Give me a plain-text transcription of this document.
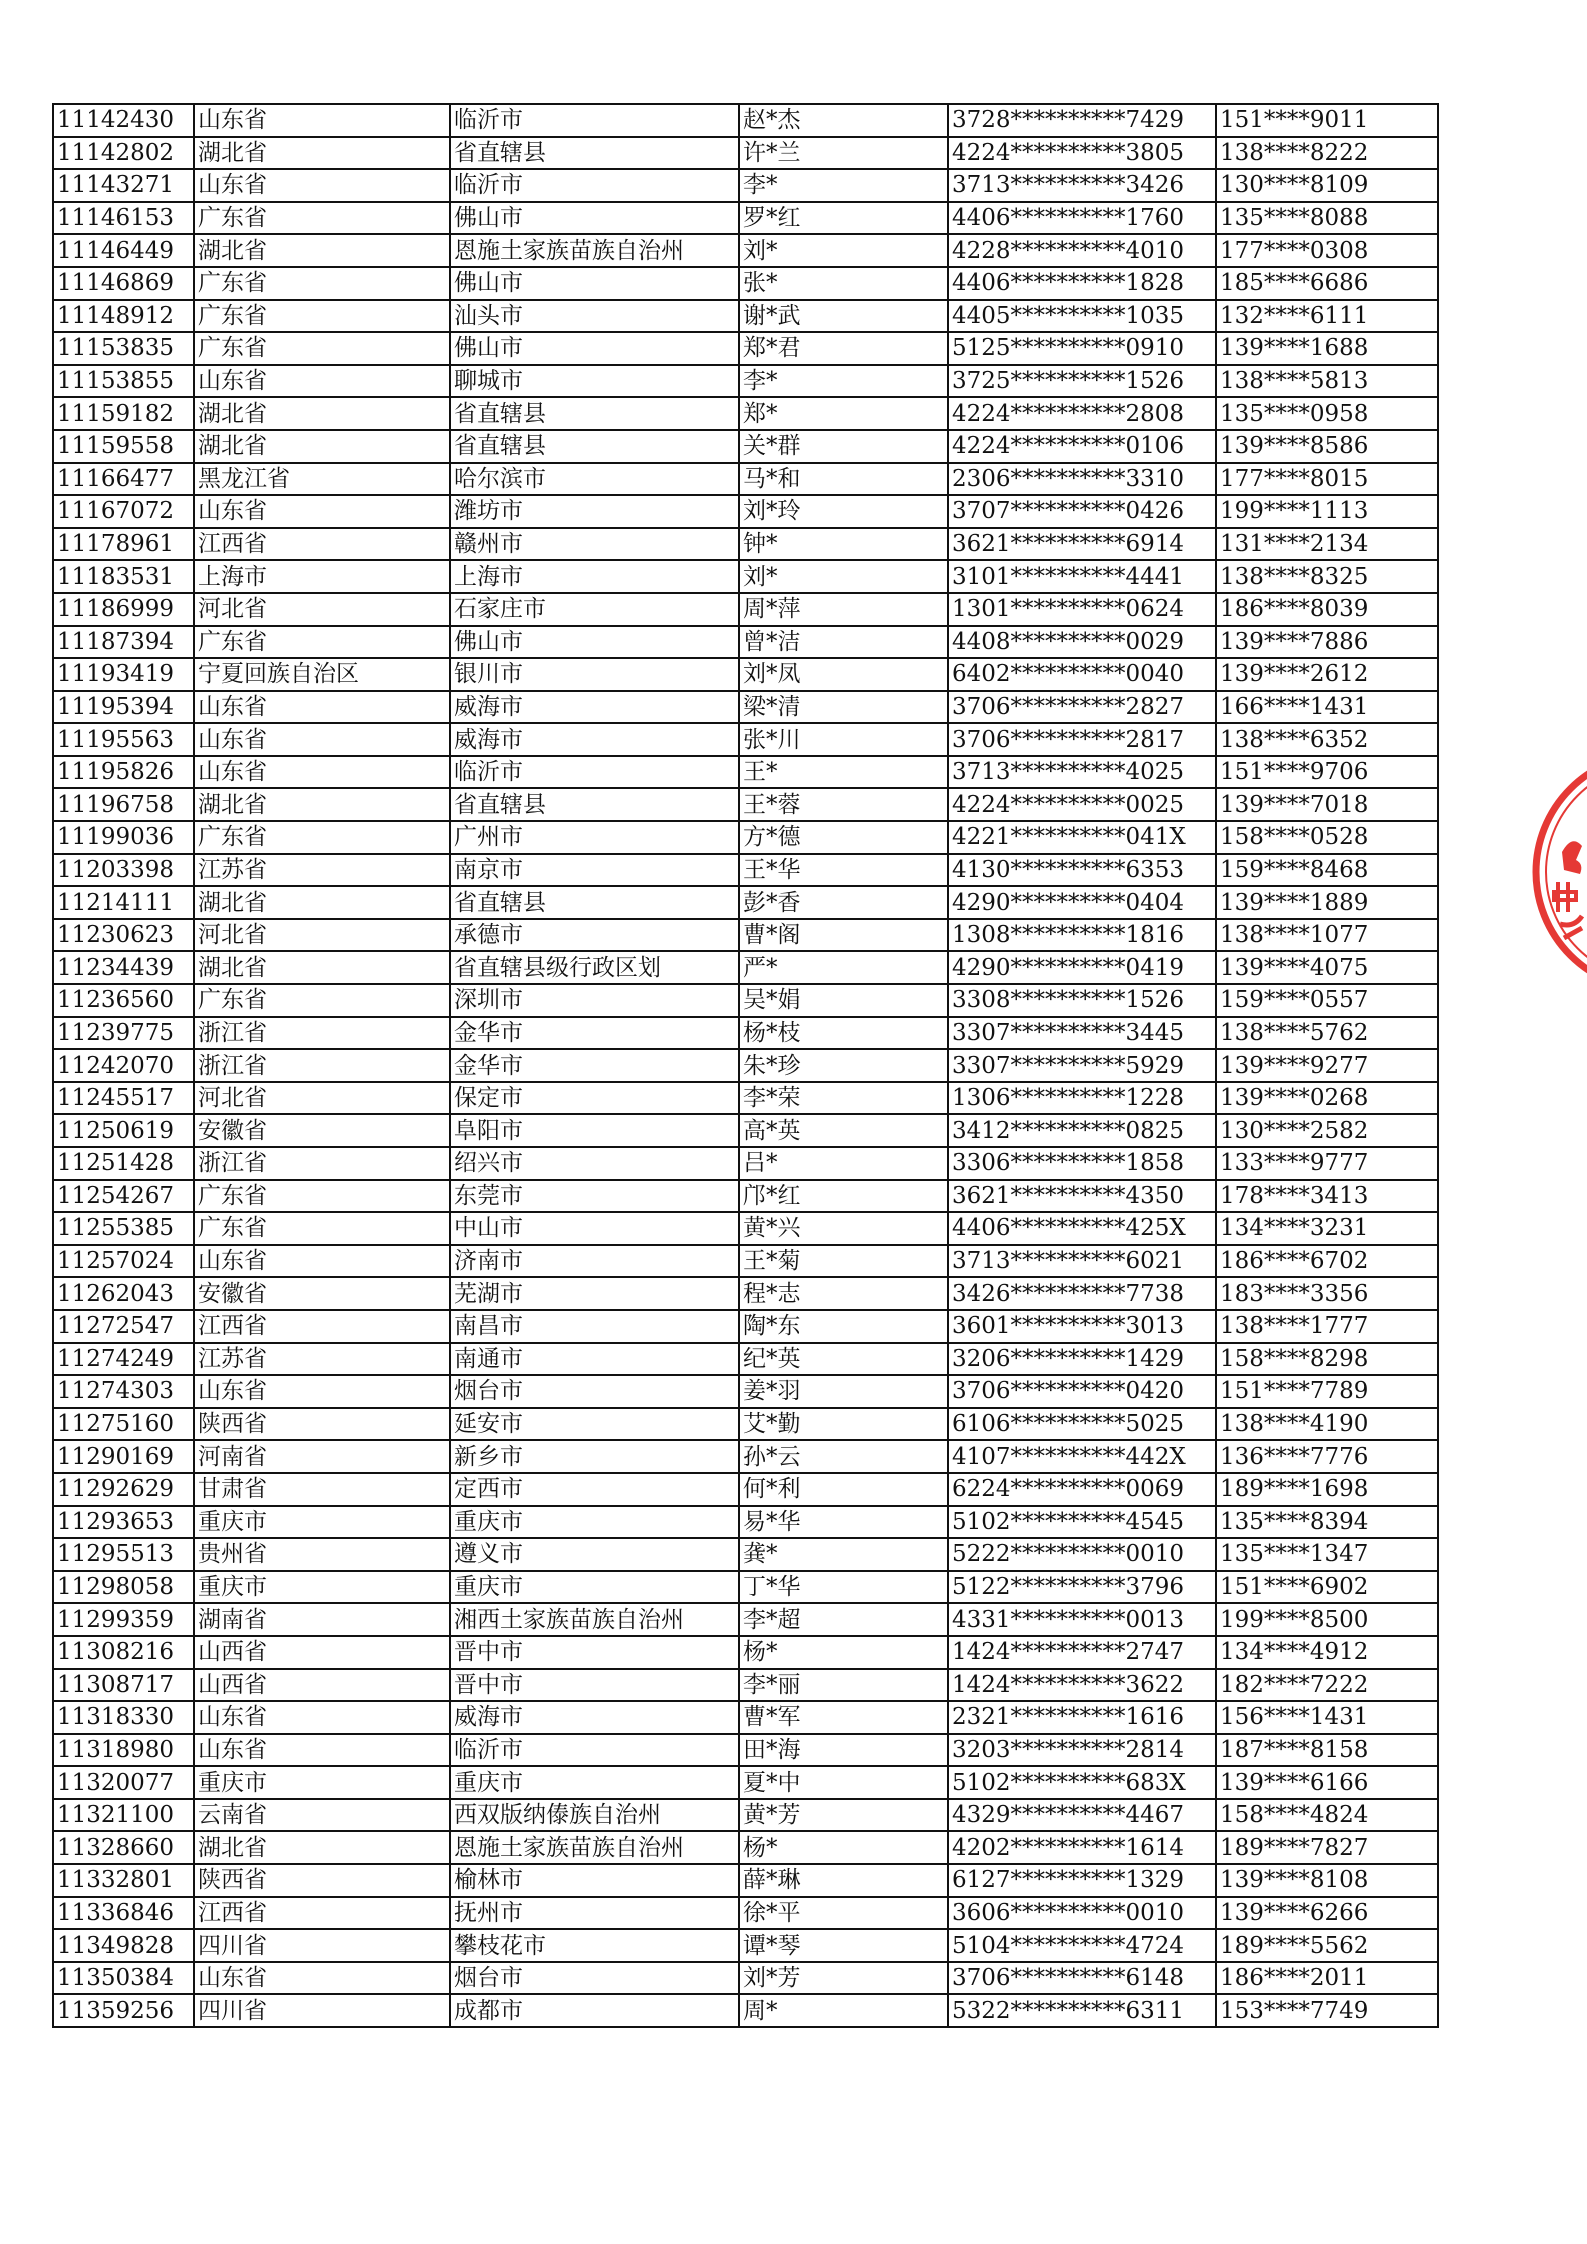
11142430	山东省	临沂市	赵*杰	3728**********7429	151****9011
11142802	湖北省	省直辖县	许*兰	4224**********3805	138****8222
11143271	山东省	临沂市	李*	3713**********3426	130****8109
11146153	广东省	佛山市	罗*红	4406**********1760	135****8088
11146449	湖北省	恩施土家族苗族自治州	刘*	4228**********4010	177****0308
11146869	广东省	佛山市	张*	4406**********1828	185****6686
11148912	广东省	汕头市	谢*武	4405**********1035	132****6111
11153835	广东省	佛山市	郑*君	5125**********0910	139****1688
11153855	山东省	聊城市	李*	3725**********1526	138****5813
11159182	湖北省	省直辖县	郑*	4224**********2808	135****0958
11159558	湖北省	省直辖县	关*群	4224**********0106	139****8586
11166477	黑龙江省	哈尔滨市	马*和	2306**********3310	177****8015
11167072	山东省	潍坊市	刘*玲	3707**********0426	199****1113
11178961	江西省	赣州市	钟*	3621**********6914	131****2134
11183531	上海市	上海市	刘*	3101**********4441	138****8325
11186999	河北省	石家庄市	周*萍	1301**********0624	186****8039
11187394	广东省	佛山市	曾*洁	4408**********0029	139****7886
11193419	宁夏回族自治区	银川市	刘*凤	6402**********0040	139****2612
11195394	山东省	威海市	梁*清	3706**********2827	166****1431
11195563	山东省	威海市	张*川	3706**********2817	138****6352
11195826	山东省	临沂市	王*	3713**********4025	151****9706
11196758	湖北省	省直辖县	王*蓉	4224**********0025	139****7018
11199036	广东省	广州市	方*德	4221**********041X	158****0528
11203398	江苏省	南京市	王*华	4130**********6353	159****8468
11214111	湖北省	省直辖县	彭*香	4290**********0404	139****1889
11230623	河北省	承德市	曹*阁	1308**********1816	138****1077
11234439	湖北省	省直辖县级行政区划	严*	4290**********0419	139****4075
11236560	广东省	深圳市	吴*娟	3308**********1526	159****0557
11239775	浙江省	金华市	杨*枝	3307**********3445	138****5762
11242070	浙江省	金华市	朱*珍	3307**********5929	139****9277
11245517	河北省	保定市	李*荣	1306**********1228	139****0268
11250619	安徽省	阜阳市	高*英	3412**********0825	130****2582
11251428	浙江省	绍兴市	吕*	3306**********1858	133****9777
11254267	广东省	东莞市	邝*红	3621**********4350	178****3413
11255385	广东省	中山市	黄*兴	4406**********425X	134****3231
11257024	山东省	济南市	王*菊	3713**********6021	186****6702
11262043	安徽省	芜湖市	程*志	3426**********7738	183****3356
11272547	江西省	南昌市	陶*东	3601**********3013	138****1777
11274249	江苏省	南通市	纪*英	3206**********1429	158****8298
11274303	山东省	烟台市	姜*羽	3706**********0420	151****7789
11275160	陕西省	延安市	艾*勤	6106**********5025	138****4190
11290169	河南省	新乡市	孙*云	4107**********442X	136****7776
11292629	甘肃省	定西市	何*利	6224**********0069	189****1698
11293653	重庆市	重庆市	易*华	5102**********4545	135****8394
11295513	贵州省	遵义市	龚*	5222**********0010	135****1347
11298058	重庆市	重庆市	丁*华	5122**********3796	151****6902
11299359	湖南省	湘西土家族苗族自治州	李*超	4331**********0013	199****8500
11308216	山西省	晋中市	杨*	1424**********2747	134****4912
11308717	山西省	晋中市	李*丽	1424**********3622	182****7222
11318330	山东省	威海市	曹*军	2321**********1616	156****1431
11318980	山东省	临沂市	田*海	3203**********2814	187****8158
11320077	重庆市	重庆市	夏*中	5102**********683X	139****6166
11321100	云南省	西双版纳傣族自治州	黄*芳	4329**********4467	158****4824
11328660	湖北省	恩施土家族苗族自治州	杨*	4202**********1614	189****7827
11332801	陕西省	榆林市	薛*琳	6127**********1329	139****8108
11336846	江西省	抚州市	徐*平	3606**********0010	139****6266
11349828	四川省	攀枝花市	谭*琴	5104**********4724	189****5562
11350384	山东省	烟台市	刘*芳	3706**********6148	186****2011
11359256	四川省	成都市	周*	5322**********6311	153****7749
